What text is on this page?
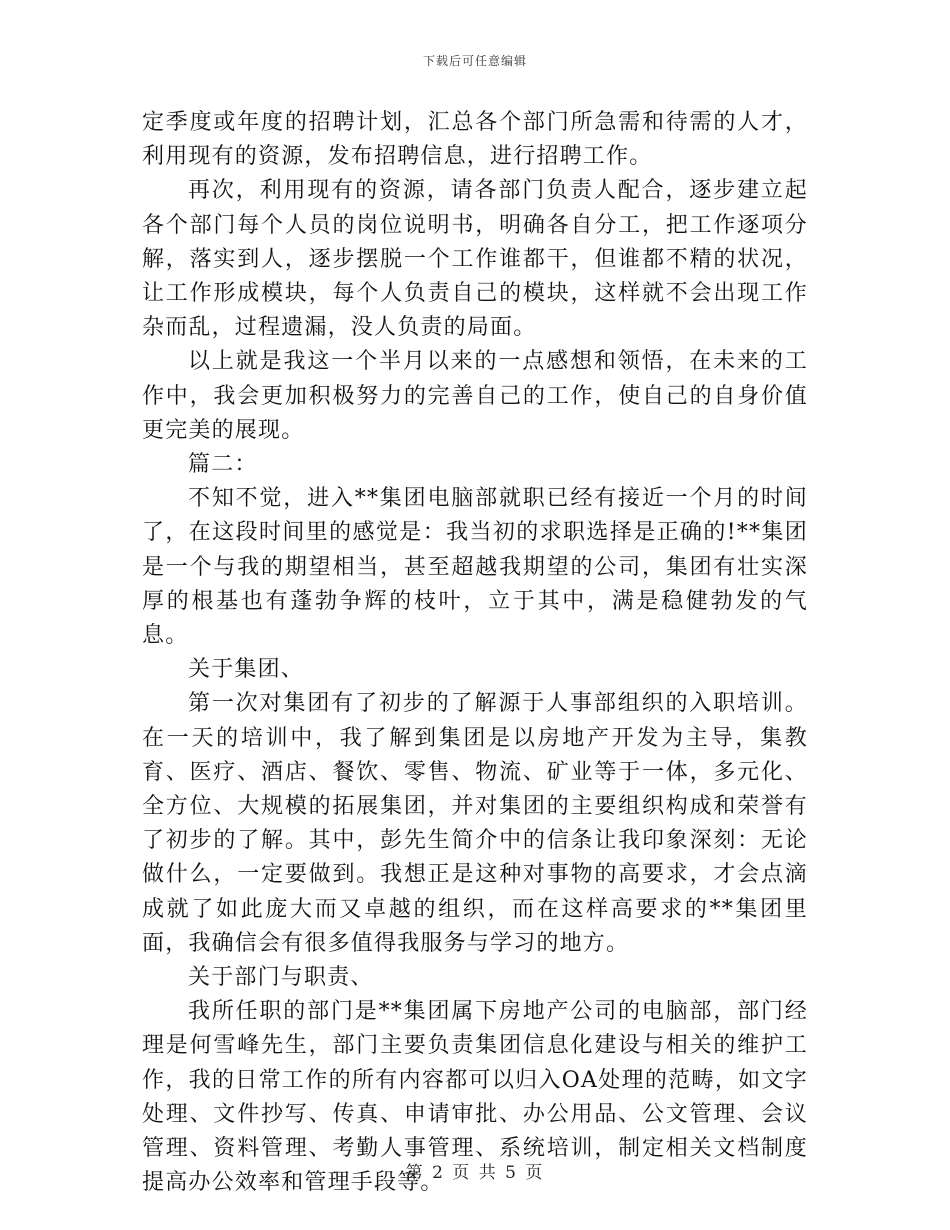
下载后可任意编辑

定季度或年度的招聘计划，汇总各个部门所急需和待需的人才，利用现有的资源，发布招聘信息，进行招聘工作。

再次，利用现有的资源，请各部门负责人配合，逐步建立起各个部门每个人员的岗位说明书，明确各自分工，把工作逐项分解，落实到人，逐步摆脱一个工作谁都干，但谁都不精的状况，让工作形成模块，每个人负责自己的模块，这样就不会出现工作杂而乱，过程遗漏，没人负责的局面。

以上就是我这一个半月以来的一点感想和领悟，在未来的工作中，我会更加积极努力的完善自己的工作，使自己的自身价值更完美的展现。

篇二：

不知不觉，进入**集团电脑部就职已经有接近一个月的时间了，在这段时间里的感觉是：我当初的求职选择是正确的!**集团是一个与我的期望相当，甚至超越我期望的公司，集团有壮实深厚的根基也有蓬勃争辉的枝叶，立于其中，满是稳健勃发的气息。

关于集团、

第一次对集团有了初步的了解源于人事部组织的入职培训。在一天的培训中，我了解到集团是以房地产开发为主导，集教育、医疗、酒店、餐饮、零售、物流、矿业等于一体，多元化、全方位、大规模的拓展集团，并对集团的主要组织构成和荣誉有了初步的了解。其中，彭先生简介中的信条让我印象深刻：无论做什么，一定要做到。我想正是这种对事物的高要求，才会点滴成就了如此庞大而又卓越的组织，而在这样高要求的**集团里面，我确信会有很多值得我服务与学习的地方。

关于部门与职责、

我所任职的部门是**集团属下房地产公司的电脑部，部门经理是何雪峰先生，部门主要负责集团信息化建设与相关的维护工作，我的日常工作的所有内容都可以归入OA处理的范畴，如文字处理、文件抄写、传真、申请审批、办公用品、公文管理、会议管理、资料管理、考勤人事管理、系统培训，制定相关文档制度提高办公效率和管理手段等。

第 2 页 共 5 页
